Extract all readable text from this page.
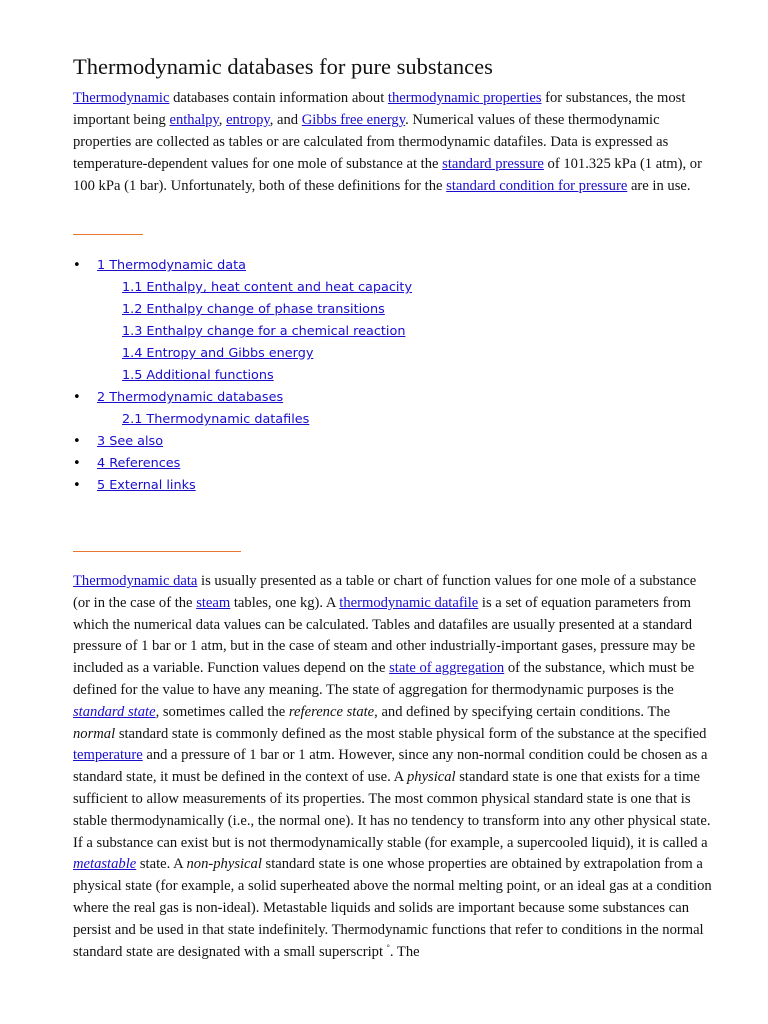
Thermodynamic databases for pure substances

Thermodynamic databases contain information about thermodynamic properties for substances, the most important being enthalpy, entropy, and Gibbs free energy. Numerical values of these thermodynamic properties are collected as tables or are calculated from thermodynamic datafiles. Data is expressed as temperature-dependent values for one mole of substance at the standard pressure of 101.325 kPa (1 atm), or 100 kPa (1 bar). Unfortunately, both of these definitions for the standard condition for pressure are in use.

• 1 Thermodynamic data
1.1 Enthalpy, heat content and heat capacity
1.2 Enthalpy change of phase transitions
1.3 Enthalpy change for a chemical reaction
1.4 Entropy and Gibbs energy
1.5 Additional functions
• 2 Thermodynamic databases
2.1 Thermodynamic datafiles
• 3 See also
• 4 References
• 5 External links

Thermodynamic data is usually presented as a table or chart of function values for one mole of a substance (or in the case of the steam tables, one kg). A thermodynamic datafile is a set of equation parameters from which the numerical data values can be calculated. Tables and datafiles are usually presented at a standard pressure of 1 bar or 1 atm, but in the case of steam and other industrially-important gases, pressure may be included as a variable. Function values depend on the state of aggregation of the substance, which must be defined for the value to have any meaning. The state of aggregation for thermodynamic purposes is the standard state, sometimes called the reference state, and defined by specifying certain conditions. The normal standard state is commonly defined as the most stable physical form of the substance at the specified temperature and a pressure of 1 bar or 1 atm. However, since any non-normal condition could be chosen as a standard state, it must be defined in the context of use. A physical standard state is one that exists for a time sufficient to allow measurements of its properties. The most common physical standard state is one that is stable thermodynamically (i.e., the normal one). It has no tendency to transform into any other physical state. If a substance can exist but is not thermodynamically stable (for example, a supercooled liquid), it is called a metastable state. A non-physical standard state is one whose properties are obtained by extrapolation from a physical state (for example, a solid superheated above the normal melting point, or an ideal gas at a condition where the real gas is non-ideal). Metastable liquids and solids are important because some substances can persist and be used in that state indefinitely. Thermodynamic functions that refer to conditions in the normal standard state are designated with a small superscript °. The
